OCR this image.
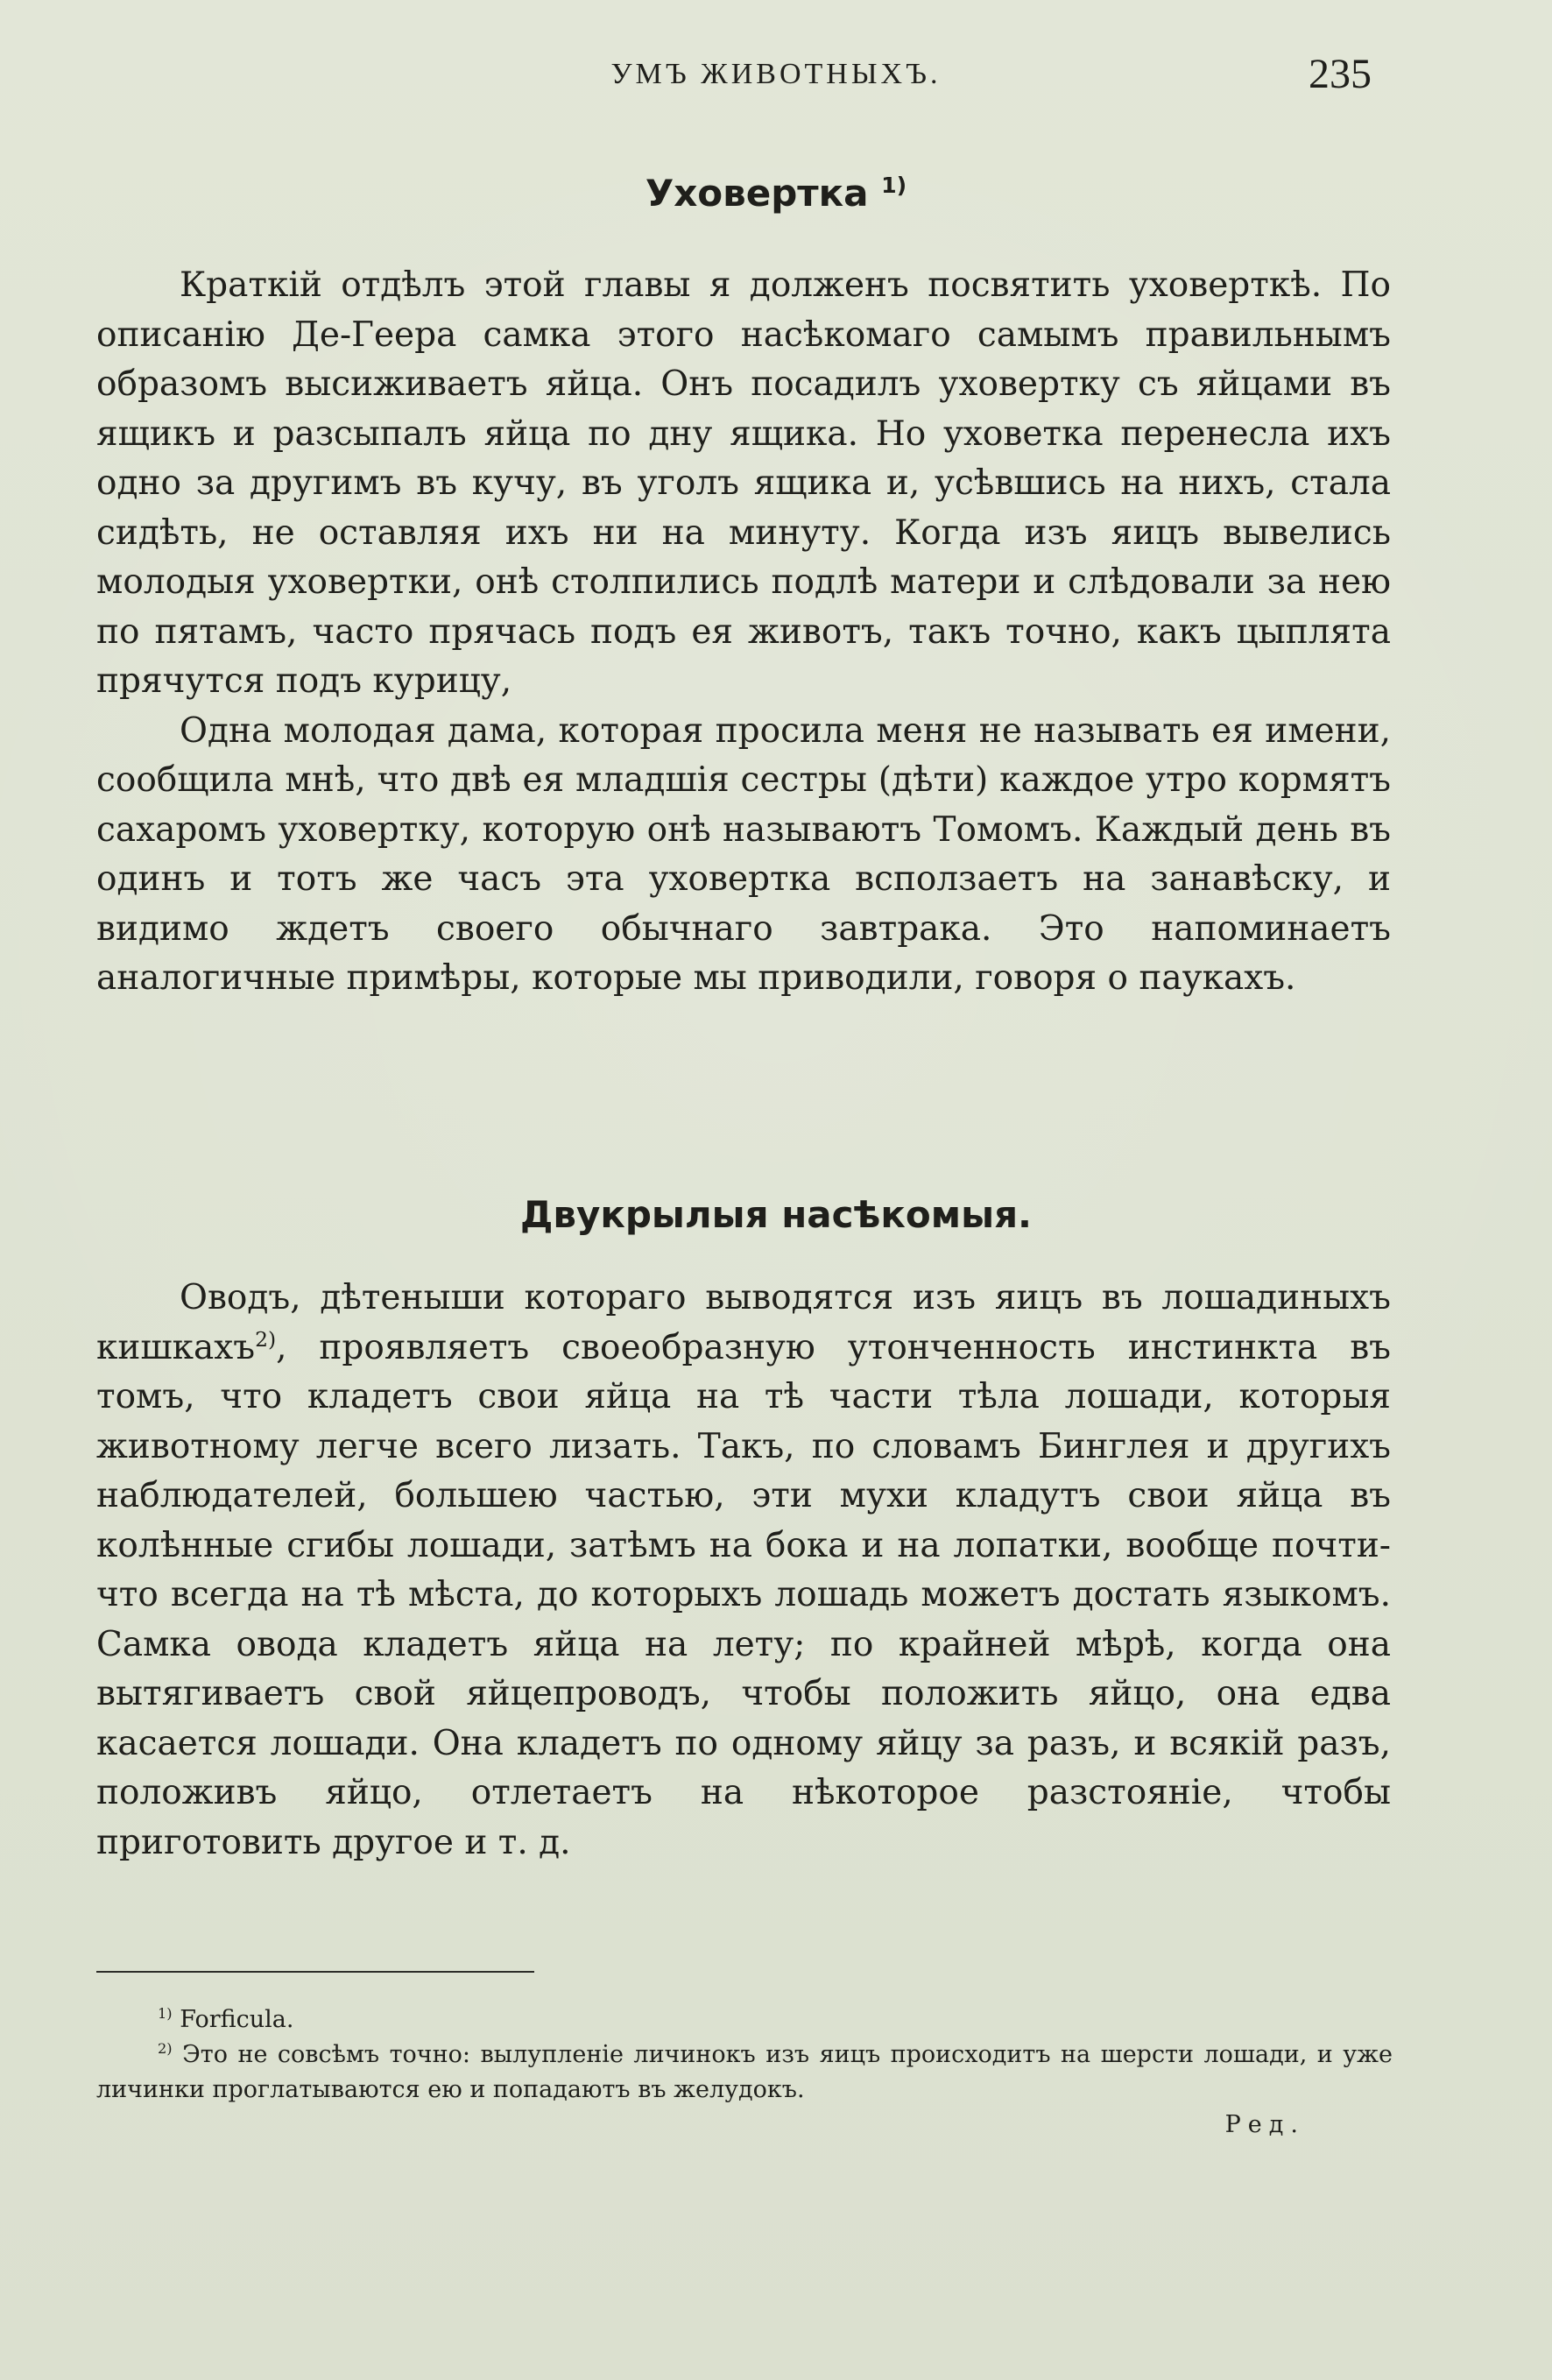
УМЪ ЖИВОТНЫХЪ.	235
Уховертка $^{1)}$

Краткій отдѣлъ этой главы я долженъ посвятить уховерткѣ. По описанію Де-Геера самка этого насѣкомаго самымъ правильнымъ образомъ высиживаетъ яйца. Онъ посадилъ уховертку съ яйцами въ ящикъ и разсыпалъ яйца по дну ящика. Но уховетка перенесла ихъ одно за другимъ въ кучу, въ уголъ ящика и, усѣвшись на нихъ, стала сидѣть, не оставляя ихъ ни на минуту. Когда изъ яицъ вывелись молодыя уховертки, онѣ столпились подлѣ матери и слѣдовали за нею по пятамъ, часто прячась подъ ея животъ, такъ точно, какъ цыплята прячутся подъ курицу,

Одна молодая дама, которая просила меня не называть ея имени, сообщила мнѣ, что двѣ ея младшія сестры (дѣти) каждое утро кормятъ сахаромъ уховертку, которую онѣ называютъ Томомъ. Каждый день въ одинъ и тотъ же часъ эта уховертка всползаетъ на занавѣску, и видимо ждетъ своего обычнаго завтрака. Это напоминаетъ аналогичные примѣры, которые мы приводили, говоря о паукахъ.

Двукрылыя насѣкомыя.

Оводъ, дѣтеныши котораго выводятся изъ яицъ въ лошадиныхъ кишкахъ$^{2)}$, проявляетъ своеобразную утонченность инстинкта въ томъ, что кладетъ свои яйца на тѣ части тѣла лошади, которыя животному легче всего лизать. Такъ, по словамъ Бинглея и другихъ наблюдателей, большею частью, эти мухи кладутъ свои яйца въ колѣнные сгибы лошади, затѣмъ на бока и на лопатки, вообще почти-что всегда на тѣ мѣста, до которыхъ лошадь можетъ достать языкомъ. Самка овода кладетъ яйца на лету; по крайней мѣрѣ, когда она вытягиваетъ свой яйцепроводъ, чтобы положить яйцо, она едва касается лошади. Она кладетъ по одному яйцу за разъ, и всякій разъ, положивъ яйцо, отлетаетъ на нѣкоторое разстояніе, чтобы приготовить другое и т. д.

$^{1)}$ Forficula.

$^{2)}$ Это не совсѣмъ точно: вылупленіе личинокъ изъ яицъ происходитъ на шерсти лошади, и уже личинки проглатываются ею и попадаютъ въ желудокъ.

Ред.
